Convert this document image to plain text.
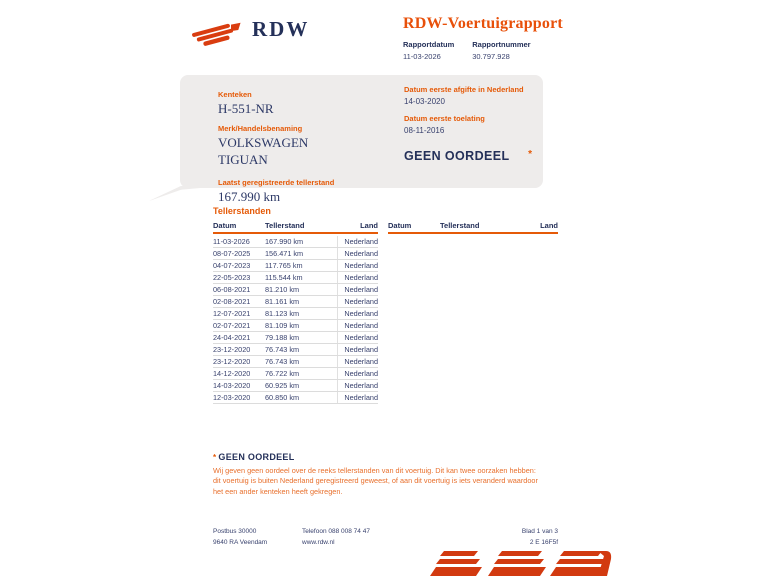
RDW	RDW-Voertuigrapport
Rapportdatum
11-03-2026
Rapportnummer
30.797.928
Kenteken
H-551-NR
Merk/Handelsbenaming
VOLKSWAGEN
TIGUAN
Laatst geregistreerde tellerstand
167.990 km
Datum eerste afgifte in Nederland
14-03-2020
Datum eerste toelating
08-11-2016
GEEN OORDEEL	*
Tellerstanden
Datum	Tellerstand	Land Datum	Tellerstand	Land
11-03-2026	167.990 km	Nederland
08-07-2025	156.471 km	Nederland
04-07-2023	117.765 km	Nederland
22-05-2023	115.544 km	Nederland
06-08-2021	81.210 km	Nederland
02-08-2021	81.161 km	Nederland
12-07-2021	81.123 km	Nederland
02-07-2021	81.109 km	Nederland
24-04-2021	79.188 km	Nederland
23-12-2020	76.743 km	Nederland
23-12-2020	76.743 km	Nederland
14-12-2020	76.722 km	Nederland
14-03-2020	60.925 km	Nederland
12-03-2020	60.850 km	Nederland
* GEEN OORDEEL
Wij geven geen oordeel over de reeks tellerstanden van dit voertuig. Dit kan twee oorzaken hebben: dit voertuig is buiten Nederland geregistreerd geweest, of aan dit voertuig is iets veranderd waardoor het een ander kenteken heeft gekregen.
Postbus 30000
9640 RA Veendam
Telefoon 088 008 74 47
www.rdw.nl
Blad 1 van 3
2 E 16F5f
